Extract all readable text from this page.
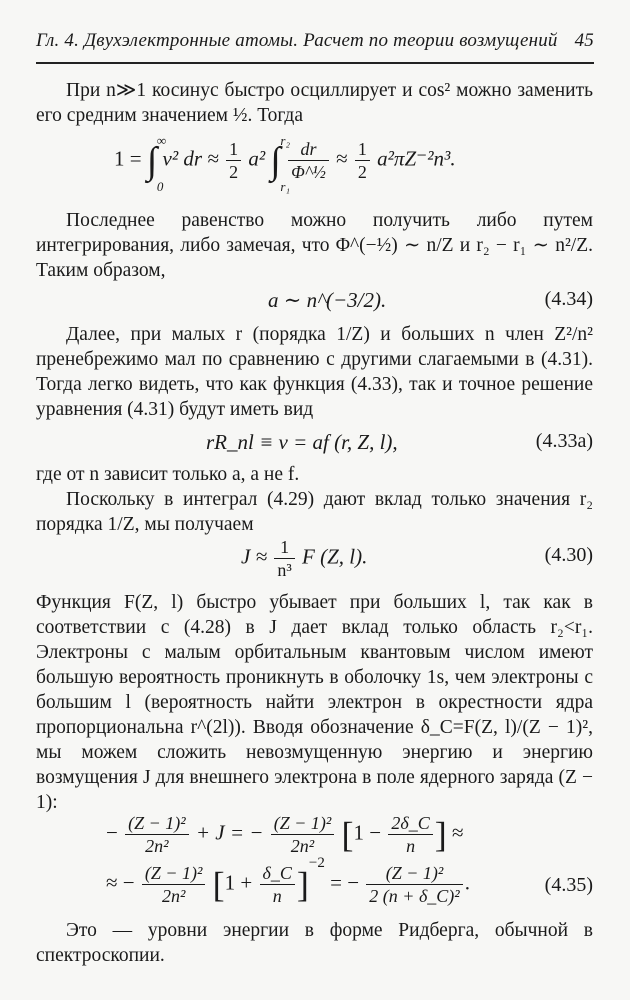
Гл. 4. Двухэлектронные атомы. Расчет по теории возмущений 45
При n≫1 косинус быстро осциллирует и cos² можно заменить его средним значением ½. Тогда
1 = ∫ ∞
0
v² dr ≈ $\frac{1}{2} a^2$ ∫ r₂
r₁

$\frac{dr}{\text{Φ\textasciicircum{}½}} \approx \frac{1}{2} a^2\pi Z^{-2}n^3$.
Последнее равенство можно получить либо путем интегрирования, либо замечая, что Φ^(−½) ∼ n/Z и r₂ − r₁ ∼ n²/Z. Таким образом,
a ∼ n^(−3/2).	(4.34)
Далее, при малых r (порядка 1/Z) и больших n член Z²/n² пренебрежимо мал по сравнению с другими слагаемыми в (4.31). Тогда легко видеть, что как функция (4.33), так и точное решение уравнения (4.31) будут иметь вид
rR_nl ≡ v = af (r, Z, l),	(4.33a)
где от n зависит только a, а не f.
Поскольку в интеграл (4.29) дают вклад только значения r₂ порядка 1/Z, мы получаем
$J \approx \frac{1}{\text{n³}}$ F (Z, l).	(4.30)
Функция F(Z, l) быстро убывает при больших l, так как в соответствии с (4.28) в J дает вклад только область r₂<r₁. Электроны с малым орбитальным квантовым числом имеют большую вероятность проникнуть в оболочку 1s, чем электроны с большим l (вероятность найти электрон в окрестности ядра пропорциональна r^(2l)). Вводя обозначение δ_C=F(Z, l)/(Z − 1)², мы можем сложить невозмущенную энергию и энергию возмущения J для внешнего электрона в поле ядерного заряда (Z − 1):
− $\frac{\text{(Z − 1)²}}{\text{2n²}} + J$ = − $\frac{\text{(Z − 1)²}}{\text{2n²}} [1 - \frac{2\delta\_C}{n}$ ] ≈
≈ − $\frac{\text{(Z − 1)²}}{\text{2n²}} [1 + \frac{\delta\_C}{n} ]^{-2}$ = − $\frac{\text{(Z − 1)²}}{\text{2 (n + δ\_C)²}}$ .	(4.35)
Это — уровни энергии в форме Ридберга, обычной в спектроскопии.
